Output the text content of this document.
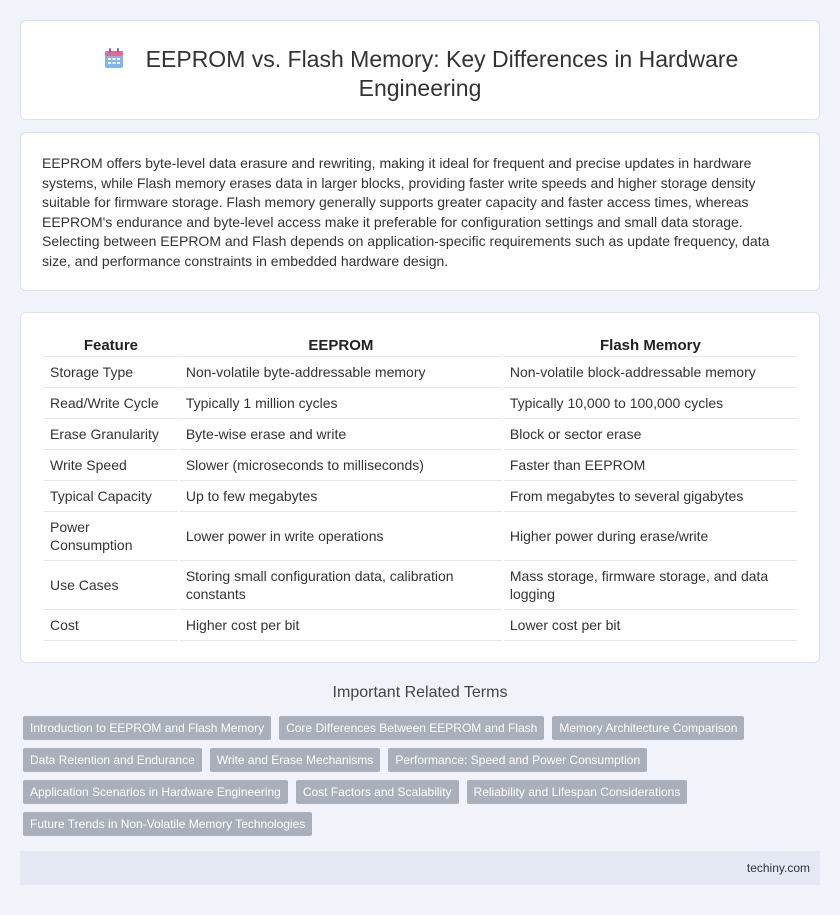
EEPROM vs. Flash Memory: Key Differences in Hardware Engineering

EEPROM offers byte-level data erasure and rewriting, making it ideal for frequent and precise updates in hardware systems, while Flash memory erases data in larger blocks, providing faster write speeds and higher storage density suitable for firmware storage. Flash memory generally supports greater capacity and faster access times, whereas EEPROM's endurance and byte-level access make it preferable for configuration settings and small data storage. Selecting between EEPROM and Flash depends on application-specific requirements such as update frequency, data size, and performance constraints in embedded hardware design.

Feature	EEPROM	Flash Memory
Storage Type	Non-volatile byte-addressable memory	Non-volatile block-addressable memory
Read/Write Cycle	Typically 1 million cycles	Typically 10,000 to 100,000 cycles
Erase Granularity	Byte-wise erase and write	Block or sector erase
Write Speed	Slower (microseconds to milliseconds)	Faster than EEPROM
Typical Capacity	Up to few megabytes	From megabytes to several gigabytes
Power Consumption	Lower power in write operations	Higher power during erase/write
Use Cases	Storing small configuration data, calibration constants	Mass storage, firmware storage, and data logging
Cost	Higher cost per bit	Lower cost per bit
Important Related Terms
Introduction to EEPROM and Flash Memory	Core Differences Between EEPROM and Flash	Memory Architecture Comparison
Data Retention and Endurance	Write and Erase Mechanisms	Performance: Speed and Power Consumption
Application Scenarios in Hardware Engineering	Cost Factors and Scalability	Reliability and Lifespan Considerations
Future Trends in Non-Volatile Memory Technologies
techiny.com
